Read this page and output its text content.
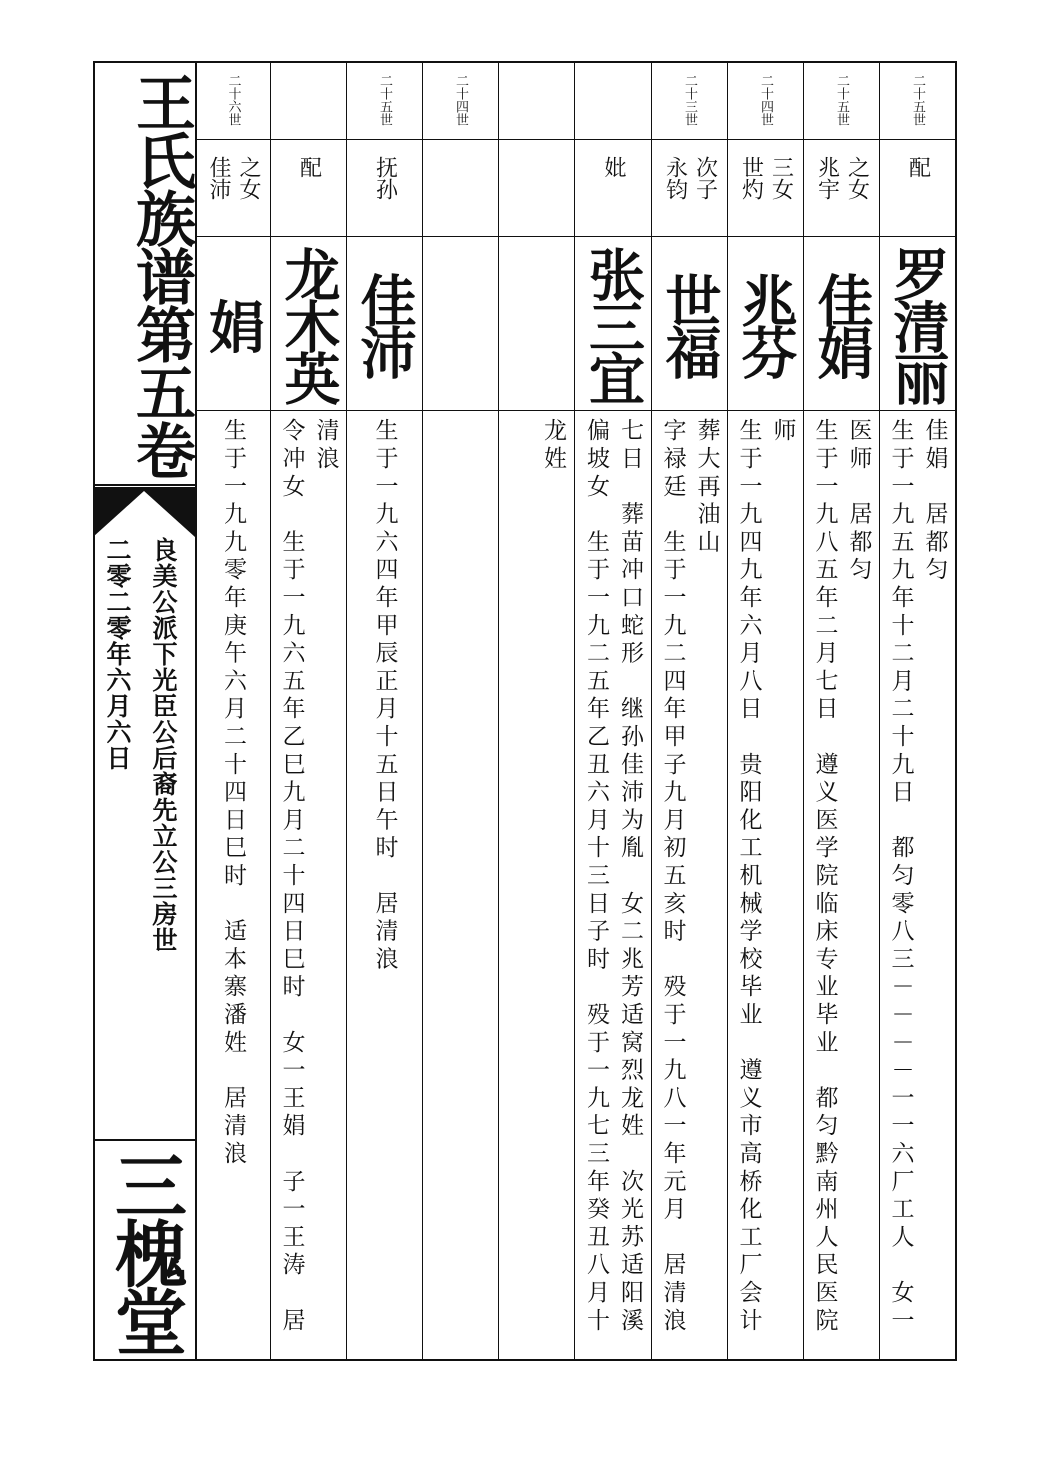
王氏族谱第五卷
良美公派下光臣公后裔先立公三房世
二零二零年六月六日
三槐堂
二十五世
配
罗清丽
生于一九五九年十二月二十九日　都匀零八三－－－－一一六厂工人　女一 佳娟　居都匀
二十五世
兆宇 之女
佳娟
生于一九八五年二月七日　遵义医学院临床专业毕业　都匀黔南州人民医院 医师　居都匀
二十四世
世灼 三女
兆芬
生于一九四九年六月八日　贵阳化工机械学校毕业　遵义市高桥化工厂会计 师
二十三世
永钧 次子
世福
字禄廷　生于一九二四年甲子九月初五亥时　殁于一九八一年元月　居清浪 葬大再油山
妣
张三宜
偏坡女　生于一九二五年乙丑六月十三日子时　殁于一九七三年癸丑八月十 七日　葬苗冲口蛇形　继孙佳沛为胤　女二兆芳适窝烈龙姓　次光苏适阳溪
龙姓
二十四世
二十五世
抚孙
佳沛
生于一九六四年甲辰正月十五日午时　居清浪
配
龙木英
令冲女　生于一九六五年乙巳九月二十四日巳时　女一王娟　子一王涛　居 清浪
二十六世
佳沛 之女
娟
生于一九九零年庚午六月二十四日巳时　适本寨潘姓　居清浪
